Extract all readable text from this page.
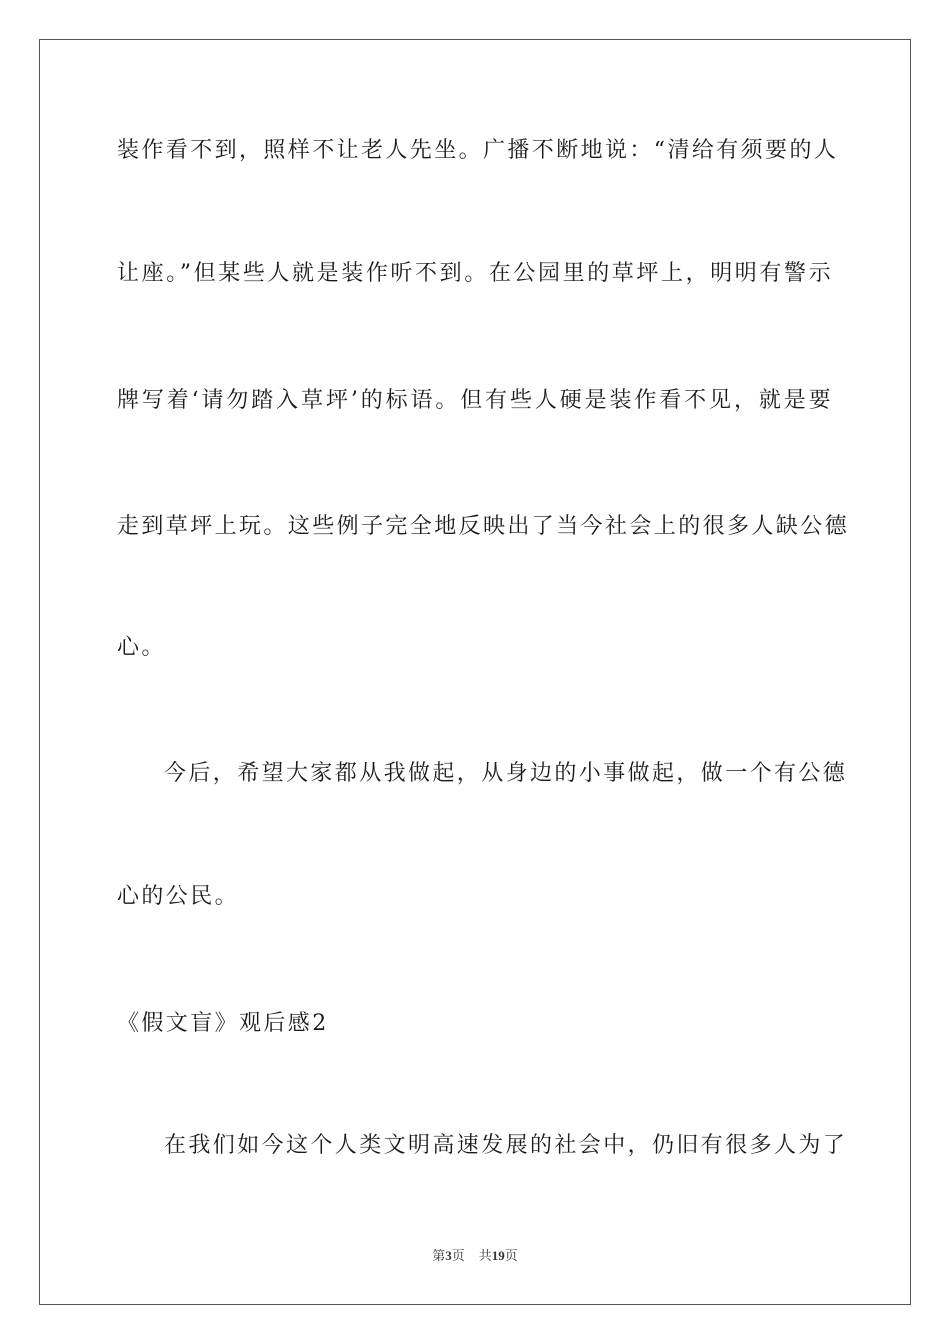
装作看不到，照样不让老人先坐。广播不断地说：“清给有须要的人
让座。”但某些人就是装作听不到。在公园里的草坪上，明明有警示
牌写着‘请勿踏入草坪’的标语。但有些人硬是装作看不见，就是要
走到草坪上玩。这些例子完全地反映出了当今社会上的很多人缺公德
心。
今后，希望大家都从我做起，从身边的小事做起，做一个有公德
心的公民。
《假文盲》观后感2
在我们如今这个人类文明高速发展的社会中，仍旧有很多人为了
第3页 共19页
